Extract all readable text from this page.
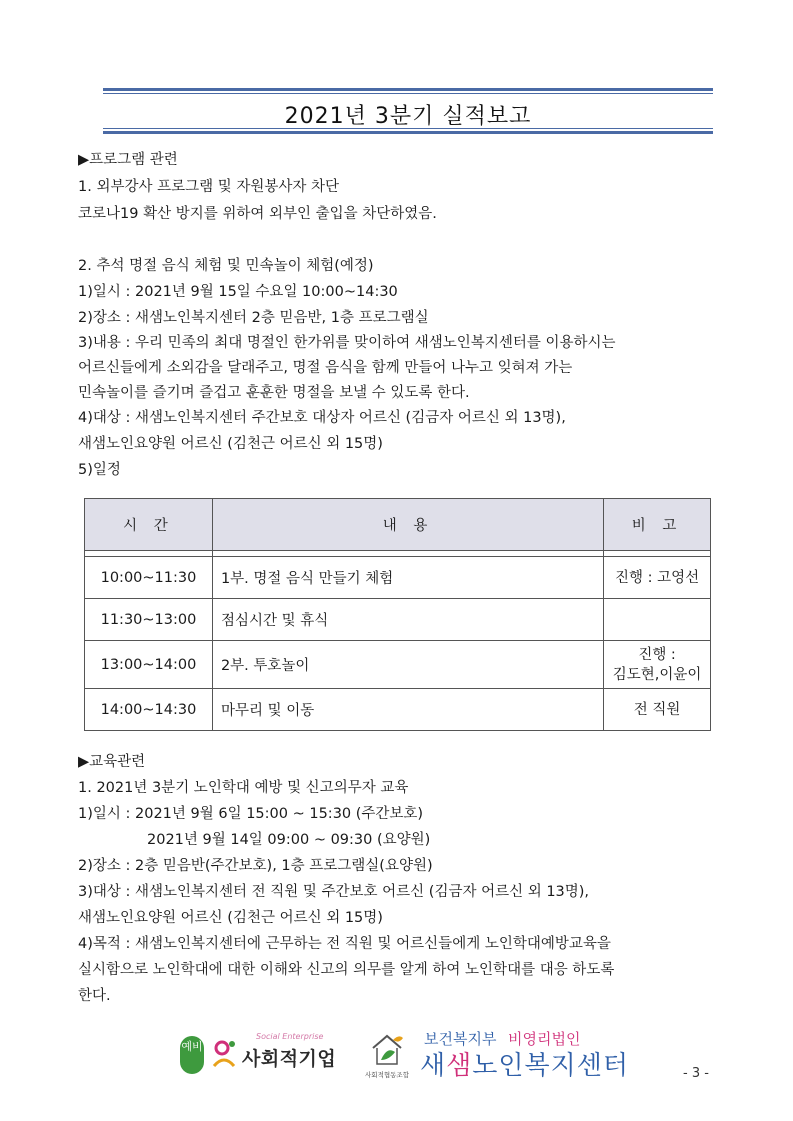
2021년 3분기 실적보고
▶프로그램 관련
1. 외부강사 프로그램 및 자원봉사자 차단
코로나19 확산 방지를 위하여 외부인 출입을 차단하였음.
2. 추석 명절 음식 체험 및 민속놀이 체험(예정)
1)일시 : 2021년 9월 15일 수요일 10:00~14:30
2)장소 : 새샘노인복지센터 2층 믿음반, 1층 프로그램실
3)내용 : 우리 민족의 최대 명절인 한가위를 맞이하여 새샘노인복지센터를 이용하시는
어르신들에게 소외감을 달래주고, 명절 음식을 함께 만들어 나누고 잊혀져 가는
민속놀이를 즐기며 즐겁고 훈훈한 명절을 보낼 수 있도록 한다.
4)대상 : 새샘노인복지센터 주간보호 대상자 어르신 (김금자 어르신 외 13명),
새샘노인요양원 어르신 (김천근 어르신 외 15명)
5)일정
시 간	내 용	비 고

10:00~11:30	1부. 명절 음식 만들기 체험	진행 : 고영선
11:30~13:00	점심시간 및 휴식	
13:00~14:00	2부. 투호놀이	진행 :
김도현,이윤이

14:00~14:30	마무리 및 이동	전 직원
▶교육관련
1. 2021년 3분기 노인학대 예방 및 신고의무자 교육
1)일시 : 2021년 9월 6일 15:00 ~ 15:30 (주간보호)
2021년 9월 14일 09:00 ~ 09:30 (요양원)
2)장소 : 2층 믿음반(주간보호), 1층 프로그램실(요양원)
3)대상 : 새샘노인복지센터 전 직원 및 주간보호 어르신 (김금자 어르신 외 13명),
새샘노인요양원 어르신 (김천근 어르신 외 15명)
4)목적 : 새샘노인복지센터에 근무하는 전 직원 및 어르신들에게 노인학대예방교육을
실시함으로 노인학대에 대한 이해와 신고의 의무를 알게 하여 노인학대를 대응 하도록
한다.
예비
Social Enterprise
사회적기업
사회적협동조합
보건복지부 비영리법인
새샘노인복지센터	- 3 -
